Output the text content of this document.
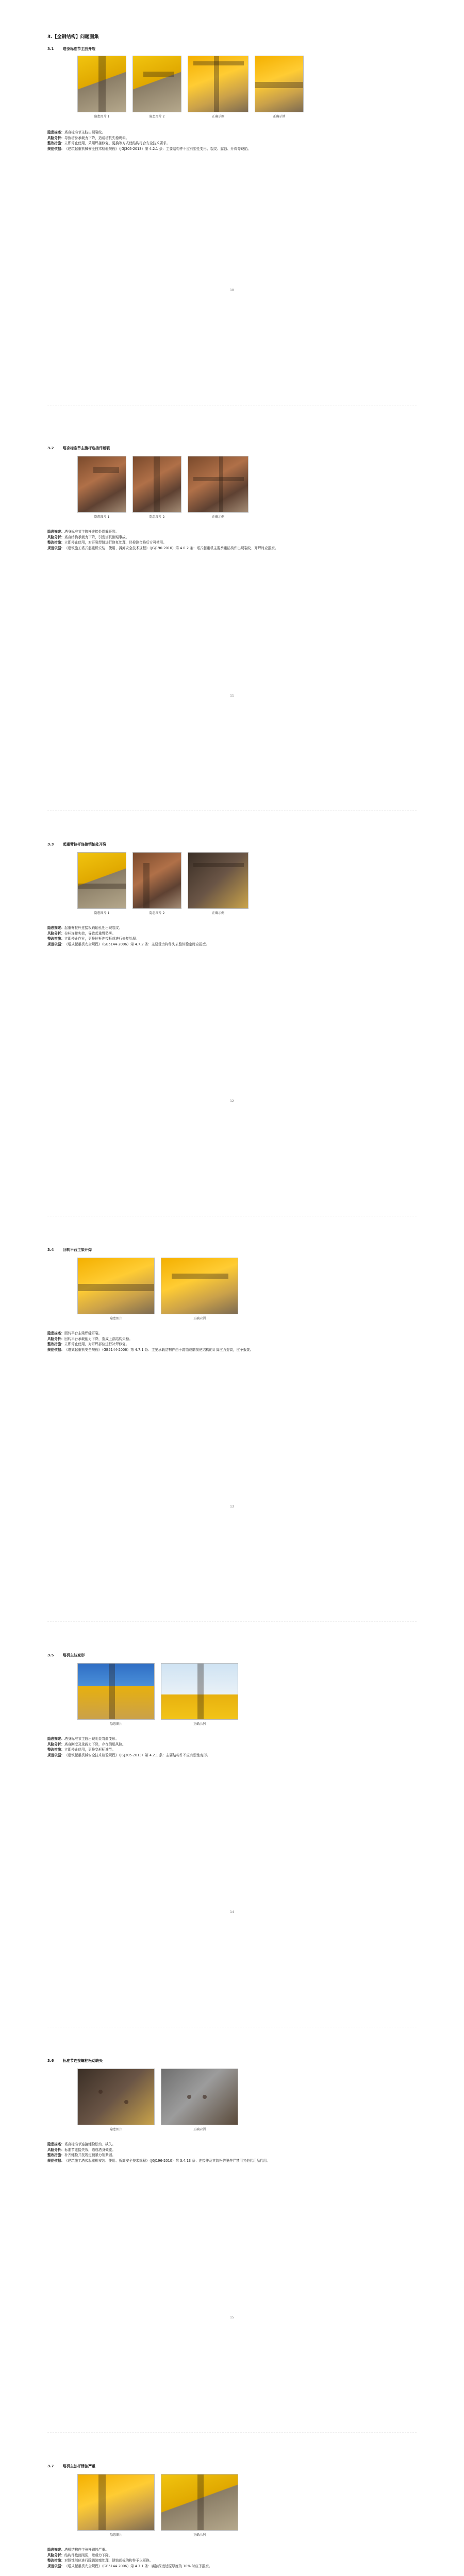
3.【全钢结构】问题图集
3.1	塔身标准节主肢开裂
隐患图片 1	隐患图片 2	正确示例	正确示例
隐患描述： 塔身标准节主肢出现裂纹。
风险分析： 导致塔身承载力下降，造成塔机失稳坍塌。
整改措施： 立即停止使用，采用焊接修复、更换等方式使结构符合安全技术要求。
规范依据： 《建筑起重机械安全技术检验规程》（JGJ305-2013）第 4.2.1 条：主要结构件不应有塑性变形、裂纹、腐蚀、开焊等缺陷。
10
3.2	塔身标准节主腹杆连接件断裂
隐患图片 1	隐患图片 2	正确示例
隐患描述： 塔身标准节主腹杆连接处焊缝开裂。
风险分析： 塔身结构承载力下降，引发塔机倒塌事故。
整改措施： 立即停止使用，对开裂焊缝进行修复处理，经检测合格后方可使用。
规范依据： 《建筑施工塔式起重机安装、使用、拆卸安全技术规程》（JGJ196-2010）第 4.0.2 条：塔式起重机主要承重结构件出现裂纹、开焊时应报废。
11
3.3	起重臂拉杆连接销轴处开裂
隐患图片 1	隐患图片 2	正确示例
隐患描述： 起重臂拉杆连接板销轴孔处出现裂纹。
风险分析： 拉杆连接失效，导致起重臂坠落。
整改措施： 立即停止作业，更换拉杆连接板或进行修复处理。
规范依据： 《塔式起重机安全规程》（GB5144-2006）第 4.7.2 条：主要受力构件失去整体稳定时应报废。
12
3.4	回转平台主梁开焊
隐患图片	正确示例
隐患描述： 回转平台主梁焊缝开裂。
风险分析： 回转平台承载能力下降，造成上部结构失稳。
整改措施： 立即停止使用，对开焊部位进行补焊修复。
规范依据： 《塔式起重机安全规程》（GB5144-2006）第 4.7.1 条：主要承载结构件由于腐蚀或磨损使结构的计算应力提高，应予报废。
13
3.5	塔机主肢变形
隐患图片	正确示例
隐患描述： 塔身标准节主肢出现明显弯曲变形。
风险分析： 塔身刚度及承载力下降，存在倒塌风险。
整改措施： 立即停止使用，更换变形标准节。
规范依据： 《建筑起重机械安全技术检验规程》（JGJ305-2013）第 4.2.1 条：主要结构件不应有塑性变形。
14
3.6	标准节连接螺栓松动缺失
隐患图片	正确示例
隐患描述： 塔身标准节连接螺栓松动、缺失。
风险分析： 标准节连接失效，造成塔身倾覆。
整改措施： 补齐螺栓并按规定预紧力矩紧固。
规范依据： 《建筑施工塔式起重机安装、使用、拆卸安全技术规程》（JGJ196-2010）第 3.4.13 条：连接件及其防松防脱件严禁用其他代用品代用。
15
3.7	塔机主弦杆锈蚀严重
隐患图片	正确示例
隐患描述： 塔机结构件主弦杆锈蚀严重。
风险分析： 结构件截面削弱，承载力下降。
整改措施： 对锈蚀部位进行除锈防腐处理，锈蚀超标的构件予以更换。
规范依据： 《塔式起重机安全规程》（GB5144-2006）第 4.7.1 条：腐蚀深度达原厚度的 10% 时应予报废。
